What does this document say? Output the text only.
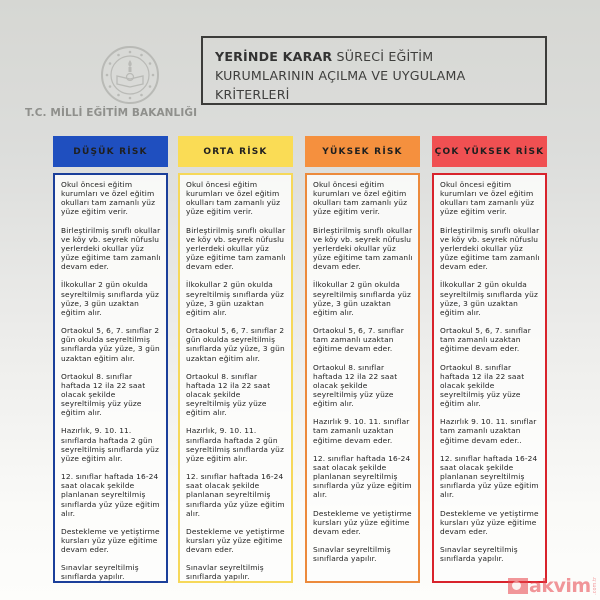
T.C. MİLLİ EĞİTİM BAKANLIĞI
YERİNDE KARAR SÜRECİ EĞİTİM
KURUMLARININ AÇILMA VE UYGULAMA
KRİTERLERİ
DÜŞÜK RİSK

Okul öncesi eğitim kurumları ve özel eğitim okulları tam zamanlı yüz yüze eğitim verir.

Birleştirilmiş sınıflı okullar ve köy vb. seyrek nüfuslu yerlerdeki okullar yüz yüze eğitime tam zamanlı devam eder.

İlkokullar 2 gün okulda seyreltilmiş sınıflarda yüz yüze, 3 gün uzaktan eğitim alır.

Ortaokul 5, 6, 7. sınıflar 2 gün okulda seyreltilmiş sınıflarda yüz yüze, 3 gün uzaktan eğitim alır.

Ortaokul 8. sınıflar haftada 12 ila 22 saat olacak şekilde seyreltilmiş yüz yüze eğitim alır.

Hazırlık, 9. 10. 11. sınıflarda haftada 2 gün seyreltilmiş sınıflarda yüz yüze eğitim alır.

12. sınıflar haftada 16-24 saat olacak şekilde planlanan seyreltilmiş sınıflarda yüz yüze eğitim alır.

Destekleme ve yetiştirme kursları yüz yüze eğitime devam eder.

Sınavlar seyreltilmiş sınıflarda yapılır.

ORTA RİSK

Okul öncesi eğitim kurumları ve özel eğitim okulları tam zamanlı yüz yüze eğitim verir.

Birleştirilmiş sınıflı okullar ve köy vb. seyrek nüfuslu yerlerdeki okullar yüz yüze eğitime tam zamanlı devam eder.

İlkokullar 2 gün okulda seyreltilmiş sınıflarda yüz yüze, 3 gün uzaktan eğitim alır.

Ortaokul 5, 6, 7. sınıflar 2 gün okulda seyreltilmiş sınıflarda yüz yüze, 3 gün uzaktan eğitim alır.

Ortaokul 8. sınıflar haftada 12 ila 22 saat olacak şekilde seyreltilmiş yüz yüze eğitim alır.

Hazırlık, 9. 10. 11. sınıflarda haftada 2 gün seyreltilmiş sınıflarda yüz yüze eğitim alır.

12. sınıflar haftada 16-24 saat olacak şekilde planlanan seyreltilmiş sınıflarda yüz yüze eğitim alır.

Destekleme ve yetiştirme kursları yüz yüze eğitime devam eder.

Sınavlar seyreltilmiş sınıflarda yapılır.

YÜKSEK RİSK

Okul öncesi eğitim kurumları ve özel eğitim okulları tam zamanlı yüz yüze eğitim verir.

Birleştirilmiş sınıflı okullar ve köy vb. seyrek nüfuslu yerlerdeki okullar yüz yüze eğitime tam zamanlı devam eder.

İlkokullar 2 gün okulda seyreltilmiş sınıflarda yüz yüze, 3 gün uzaktan eğitim alır.

Ortaokul 5, 6, 7. sınıflar tam zamanlı uzaktan eğitime devam eder.

Ortaokul 8. sınıflar haftada 12 ila 22 saat olacak şekilde seyreltilmiş yüz yüze eğitim alır.

Hazırlık 9. 10. 11. sınıflar tam zamanlı uzaktan eğitime devam eder.

12. sınıflar haftada 16-24 saat olacak şekilde planlanan seyreltilmiş sınıflarda yüz yüze eğitim alır.

Destekleme ve yetiştirme kursları yüz yüze eğitime devam eder.

Sınavlar seyreltilmiş sınıflarda yapılır.

ÇOK YÜKSEK RİSK

Okul öncesi eğitim kurumları ve özel eğitim okulları tam zamanlı yüz yüze eğitim verir.

Birleştirilmiş sınıflı okullar ve köy vb. seyrek nüfuslu yerlerdeki okullar yüz yüze eğitime tam zamanlı devam eder.

İlkokullar 2 gün okulda seyreltilmiş sınıflarda yüz yüze, 3 gün uzaktan eğitim alır.

Ortaokul 5, 6, 7. sınıflar tam zamanlı uzaktan eğitime devam eder.

Ortaokul 8. sınıflar haftada 12 ila 22 saat olacak şekilde seyreltilmiş yüz yüze eğitim alır.

Hazırlık 9. 10. 11. sınıflar tam zamanlı uzaktan eğitime devam eder..

12. sınıflar haftada 16-24 saat olacak şekilde planlanan seyreltilmiş sınıflarda yüz yüze eğitim alır.

Destekleme ve yetiştirme kursları yüz yüze eğitime devam eder.

Sınavlar seyreltilmiş sınıflarda yapılır.

akvim .com.tr
